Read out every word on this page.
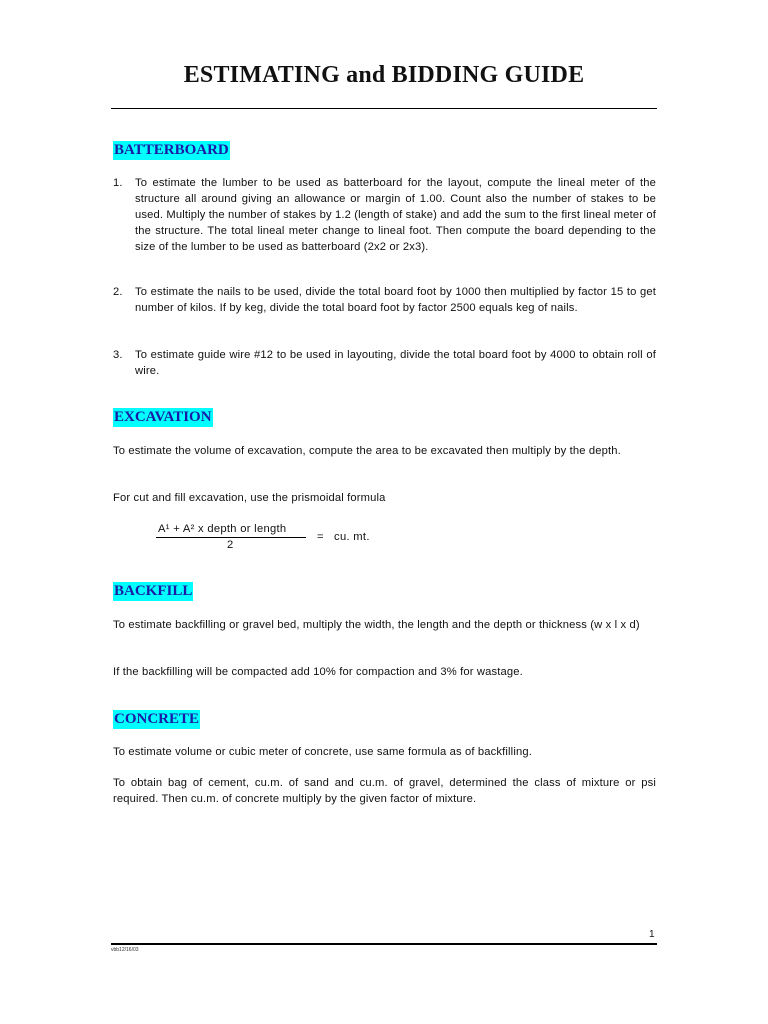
ESTIMATING and BIDDING GUIDE
BATTERBOARD
1. To estimate the lumber to be used as batterboard for the layout, compute the lineal meter of the structure all around giving an allowance or margin of 1.00. Count also the number of stakes to be used. Multiply the number of stakes by 1.2 (length of stake) and add the sum to the first lineal meter of the structure. The total lineal meter change to lineal foot. Then compute the board depending to the size of the lumber to be used as batterboard (2x2 or 2x3).
2. To estimate the nails to be used, divide the total board foot by 1000 then multiplied by factor 15 to get number of kilos. If by keg, divide the total board foot by factor 2500 equals keg of nails.
3. To estimate guide wire #12 to be used in layouting, divide the total board foot by 4000 to obtain roll of wire.
EXCAVATION
To estimate the volume of excavation, compute the area to be excavated then multiply by the depth.
For cut and fill excavation, use the prismoidal formula
A¹ + A² x depth or length
2
=   cu. mt.
BACKFILL
To estimate backfilling or gravel bed, multiply the width, the length and the depth or thickness (w x l x d)
If the backfilling will be compacted add 10% for compaction and 3% for wastage.
CONCRETE
To estimate volume or cubic meter of concrete, use same formula as of backfilling.
To obtain bag of cement, cu.m. of sand and cu.m. of gravel, determined the class of mixture or psi required. Then cu.m. of concrete multiply by the given factor of mixture.
1
vbb12/16/03
